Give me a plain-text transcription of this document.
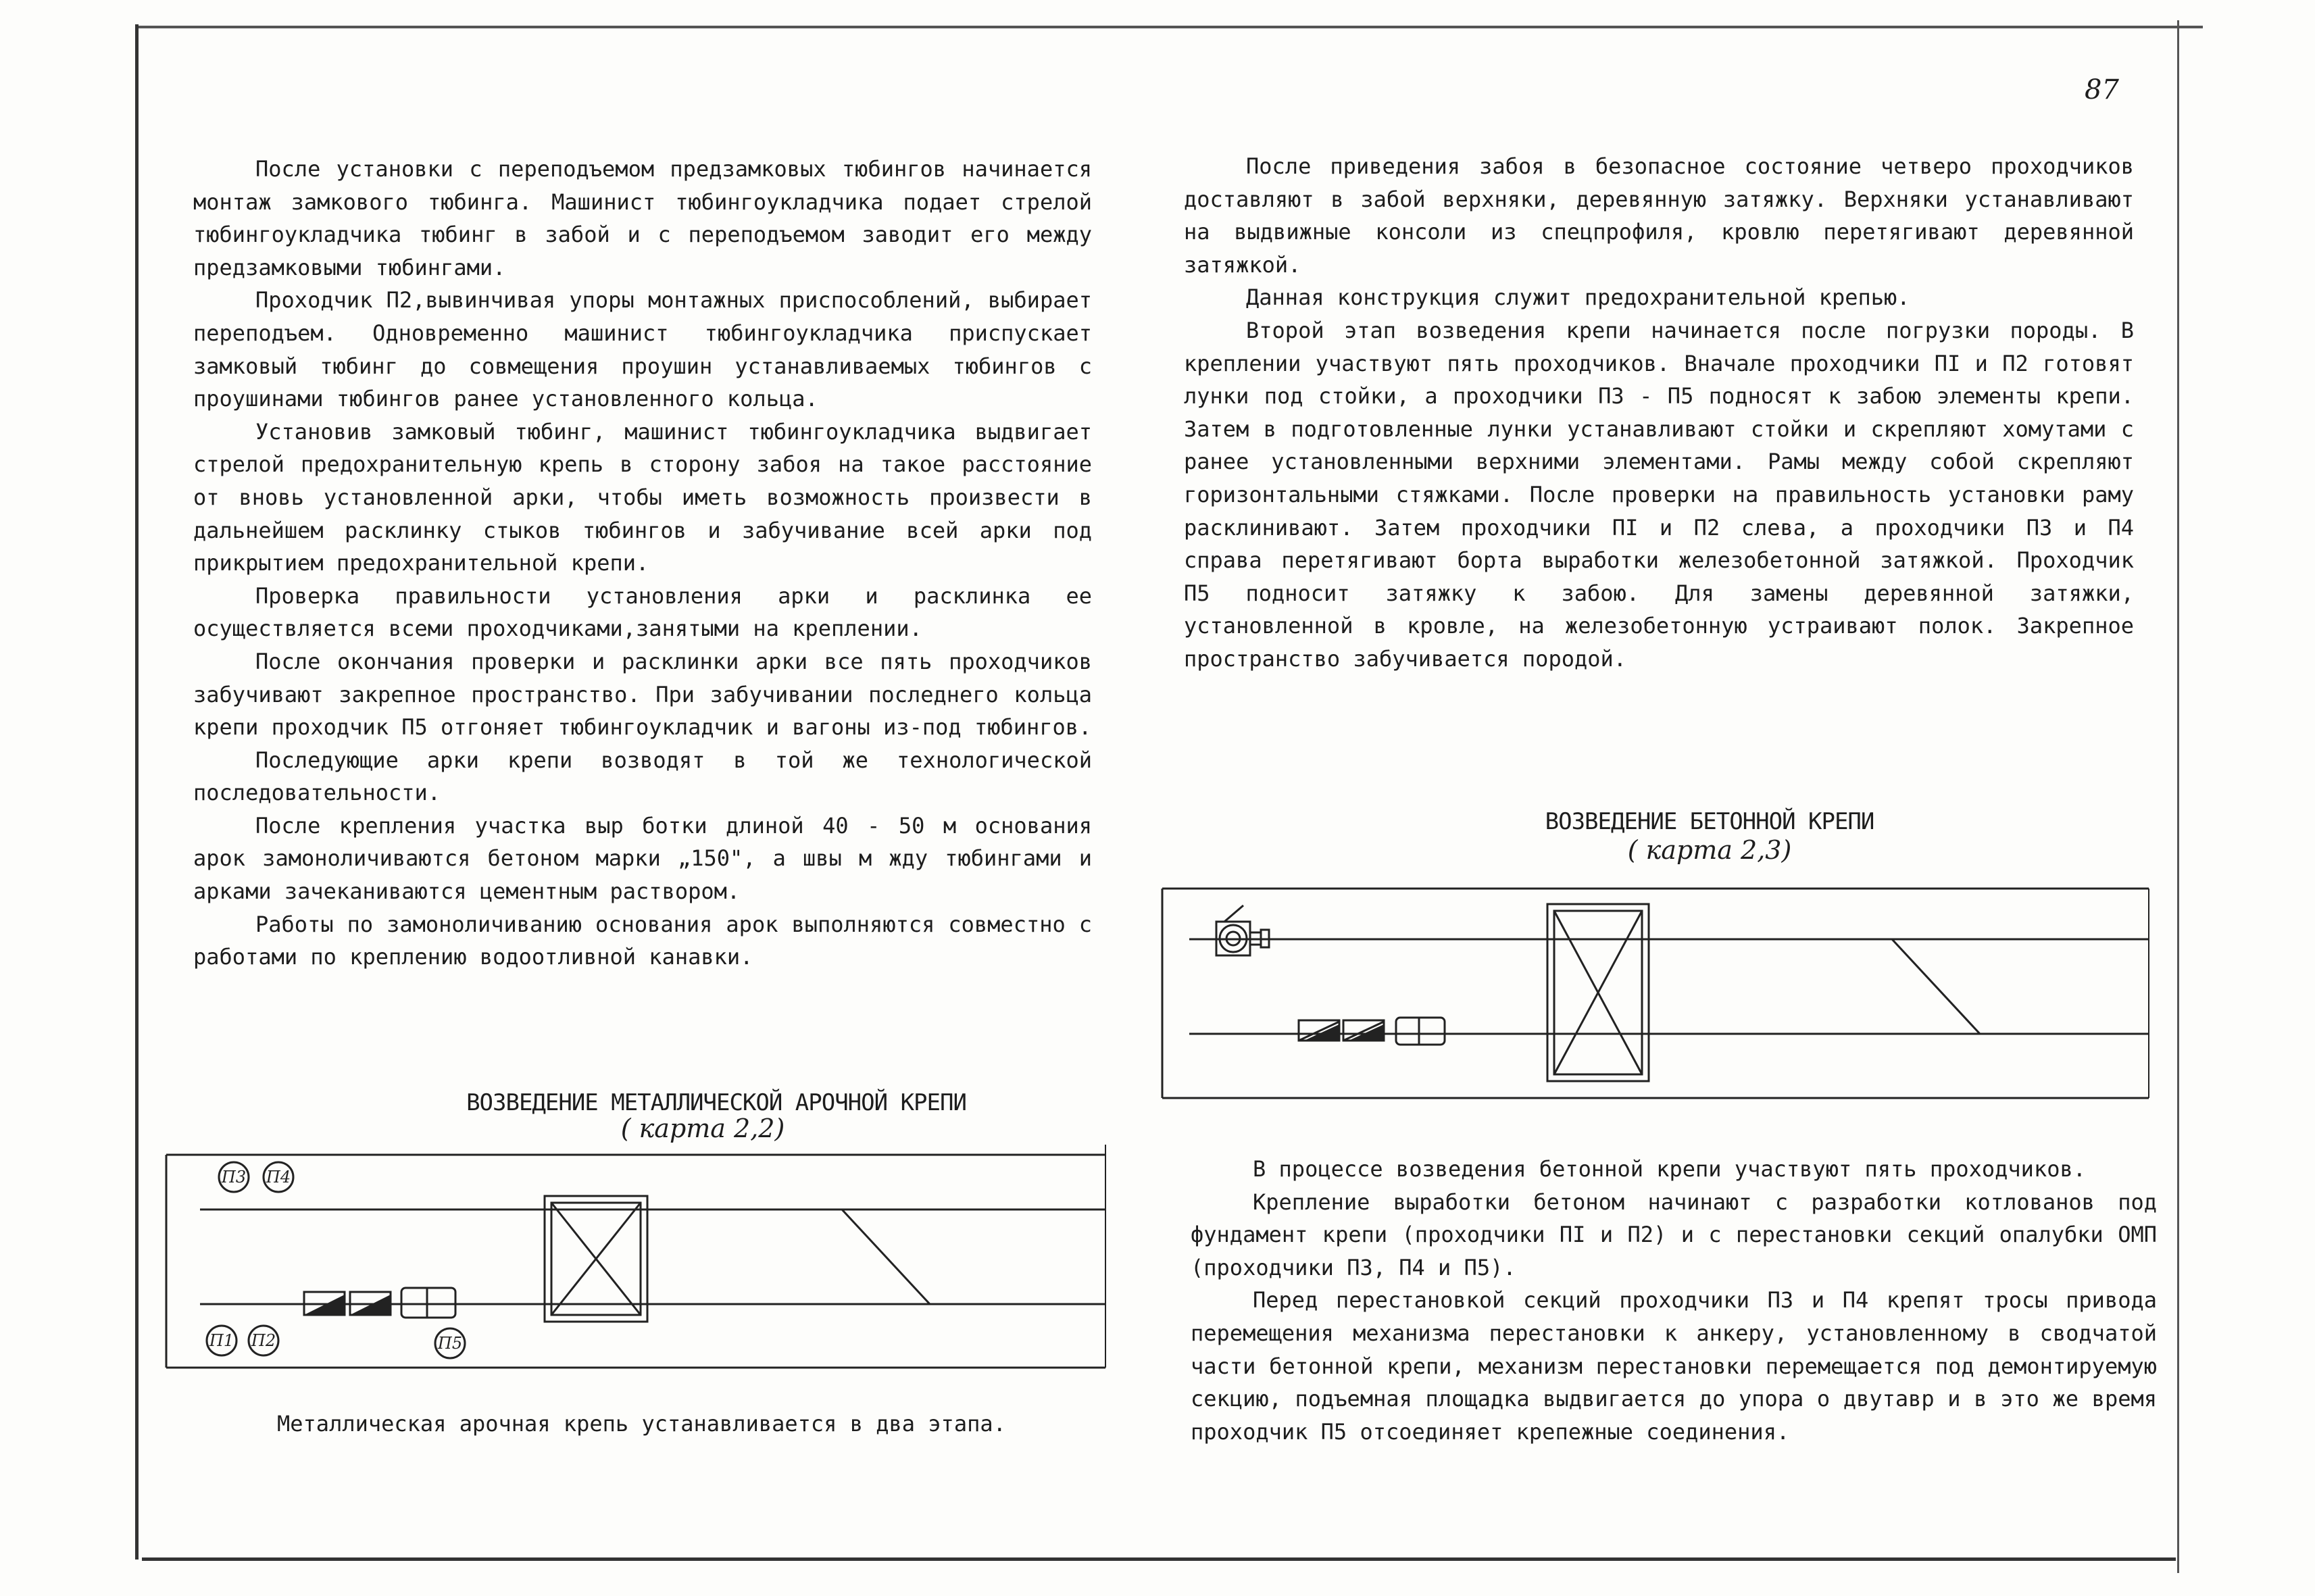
87

После установки с переподъемом предзамковых тюбингов начинается монтаж замкового тюбинга. Машинист тюбингоукладчика подает стрелой тюбингоукладчика тюбинг в забой и с переподъемом заводит его между предзамковыми тюбингами.

Проходчик П2,вывинчивая упоры монтажных приспособлений, выбирает переподъем. Одновременно машинист тюбингоукладчика приспускает замковый тюбинг до совмещения проушин устанавливаемых тюбингов с проушинами тюбингов ранее установленного кольца.

Установив замковый тюбинг, машинист тюбингоукладчика выдвигает стрелой предохранительную крепь в сторону забоя на такое расстояние от вновь установленной арки, чтобы иметь возможность произвести в дальнейшем расклинку стыков тюбингов и забучивание всей арки под прикрытием предохранительной крепи.

Проверка правильности установления арки и расклинка ее осуществляется всеми проходчиками,занятыми на креплении.

После окончания проверки и расклинки арки все пять проходчиков забучивают закрепное пространство. При забучивании последнего кольца крепи проходчик П5 отгоняет тюбингоукладчик и вагоны из-под тюбингов.

Последующие арки крепи возводят в той же технологической последовательности.

После крепления участка выр ботки длиной 40 - 50 м основания арок замоноличиваются бетоном марки „150", а швы м жду тюбингами и арками зачеканиваются цементным раствором.

Работы по замоноличиванию основания арок выполняются совместно с работами по креплению водоотливной канавки.

После приведения забоя в безопасное состояние четверо проходчиков доставляют в забой верхняки, деревянную затяжку. Верхняки устанавливают на выдвижные консоли из спецпрофиля, кровлю перетягивают деревянной затяжкой.

Данная конструкция служит предохранительной крепью.

Второй этап возведения крепи начинается после погрузки породы. В креплении участвуют пять проходчиков. Вначале проходчики ПI и П2 готовят лунки под стойки, а проходчики П3 - П5 подносят к забою элементы крепи. Затем в подготовленные лунки устанавливают стойки и скрепляют хомутами с ранее установленными верхними элементами. Рамы между собой скрепляют горизонтальными стяжками. После проверки на правильность установки раму расклинивают. Затем проходчики ПI и П2 слева, а проходчики П3 и П4 справа перетягивают борта выработки железобетонной затяжкой. Проходчик П5 подносит затяжку к забою. Для замены деревянной затяжки, установленной в кровле, на железобетонную устраивают полок. Закрепное пространство забучивается породой.

ВОЗВЕДЕНИЕ БЕТОННОЙ КРЕПИ
( карта 2,3)

В процессе возведения бетонной крепи участвуют пять проходчиков.

Крепление выработки бетоном начинают с разработки котлованов под фундамент крепи (проходчики ПI и П2) и с перестановки секций опалубки ОМП (проходчики П3, П4 и П5).

Перед перестановкой секций проходчики П3 и П4 крепят тросы привода перемещения механизма перестановки к анкеру, установленному в сводчатой части бетонной крепи, механизм перестановки перемещается под демонтируемую секцию, подъемная площадка выдвигается до упора о двутавр и в это же время проходчик П5 отсоединяет крепежные соединения.

ВОЗВЕДЕНИЕ МЕТАЛЛИЧЕСКОЙ АРОЧНОЙ КРЕПИ
( карта 2,2)
П3 П4
П1 П2	П5
Металлическая арочная крепь устанавливается в два этапа.
